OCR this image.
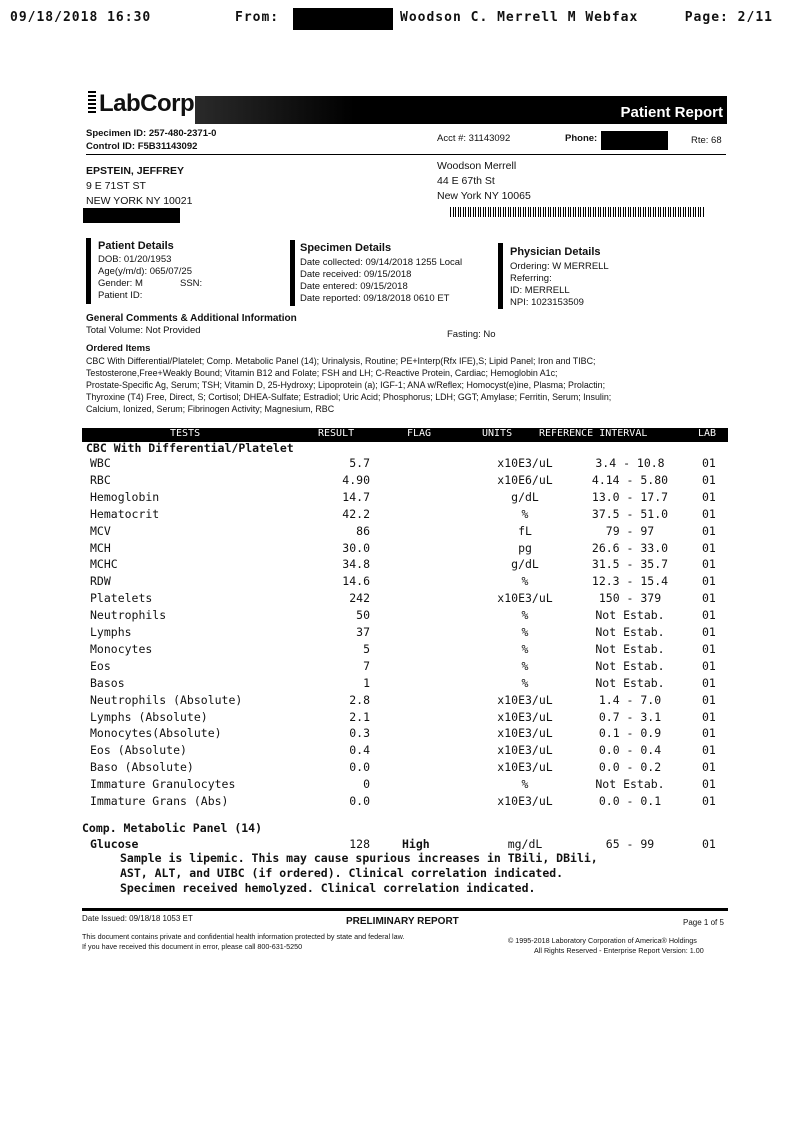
09/18/2018 16:30	From:	Woodson C. Merrell M Webfax	Page: 2/11
LabCorp	Patient Report
Specimen ID: 257-480-2371-0
Control ID: F5B31143092
Acct #: 31143092	Phone:	Rte: 68
EPSTEIN, JEFFREY
9 E 71ST ST
NEW YORK NY 10021
Woodson Merrell
44 E 67th St
New York NY 10065
Patient Details
DOB: 01/20/1953
Age(y/m/d): 065/07/25
Gender: M	SSN:
Patient ID:
Specimen Details
Date collected: 09/14/2018 1255 Local
Date received: 09/15/2018
Date entered: 09/15/2018
Date reported: 09/18/2018 0610 ET
Physician Details
Ordering: W MERRELL
Referring:
ID: MERRELL
NPI: 1023153509
General Comments & Additional Information
Total Volume: Not Provided	Fasting: No
Ordered Items
CBC With Differential/Platelet; Comp. Metabolic Panel (14); Urinalysis, Routine; PE+Interp(Rfx IFE),S; Lipid Panel; Iron and TIBC;
Testosterone,Free+Weakly Bound; Vitamin B12 and Folate; FSH and LH; C-Reactive Protein, Cardiac; Hemoglobin A1c;
Prostate-Specific Ag, Serum; TSH; Vitamin D, 25-Hydroxy; Lipoprotein (a); IGF-1; ANA w/Reflex; Homocyst(e)ine, Plasma; Prolactin;
Thyroxine (T4) Free, Direct, S; Cortisol; DHEA-Sulfate; Estradiol; Uric Acid; Phosphorus; LDH; GGT; Amylase; Ferritin, Serum; Insulin;
Calcium, Ionized, Serum; Fibrinogen Activity; Magnesium, RBC
TESTS	RESULT	FLAG	UNITS	REFERENCE INTERVAL	LAB
CBC With Differential/Platelet
WBC	5.7	x10E3/uL	3.4 - 10.8	01
RBC	4.90	x10E6/uL	4.14 - 5.80	01
Hemoglobin	14.7	g/dL	13.0 - 17.7	01
Hematocrit	42.2	%	37.5 - 51.0	01
MCV	86	fL	79 - 97	01
MCH	30.0	pg	26.6 - 33.0	01
MCHC	34.8	g/dL	31.5 - 35.7	01
RDW	14.6	%	12.3 - 15.4	01
Platelets	242	x10E3/uL	150 - 379	01
Neutrophils	50	%	Not Estab.	01
Lymphs	37	%	Not Estab.	01
Monocytes	5	%	Not Estab.	01
Eos	7	%	Not Estab.	01
Basos	1	%	Not Estab.	01
Neutrophils (Absolute)	2.8	x10E3/uL	1.4 - 7.0	01
Lymphs (Absolute)	2.1	x10E3/uL	0.7 - 3.1	01
Monocytes(Absolute)	0.3	x10E3/uL	0.1 - 0.9	01
Eos (Absolute)	0.4	x10E3/uL	0.0 - 0.4	01
Baso (Absolute)	0.0	x10E3/uL	0.0 - 0.2	01
Immature Granulocytes	0	%	Not Estab.	01
Immature Grans (Abs)	0.0	x10E3/uL	0.0 - 0.1	01
Comp. Metabolic Panel (14)
Glucose	128	High	mg/dL	65 - 99	01
Sample is lipemic. This may cause spurious increases in TBili, DBili,
AST, ALT, and UIBC (if ordered). Clinical correlation indicated.
Specimen received hemolyzed. Clinical correlation indicated.
Date Issued: 09/18/18 1053 ET	PRELIMINARY REPORT	Page 1 of 5
This document contains private and confidential health information protected by state and federal law.
If you have received this document in error, please call 800-631-5250
© 1995-2018 Laboratory Corporation of America® Holdings
All Rights Reserved - Enterprise Report Version: 1.00
